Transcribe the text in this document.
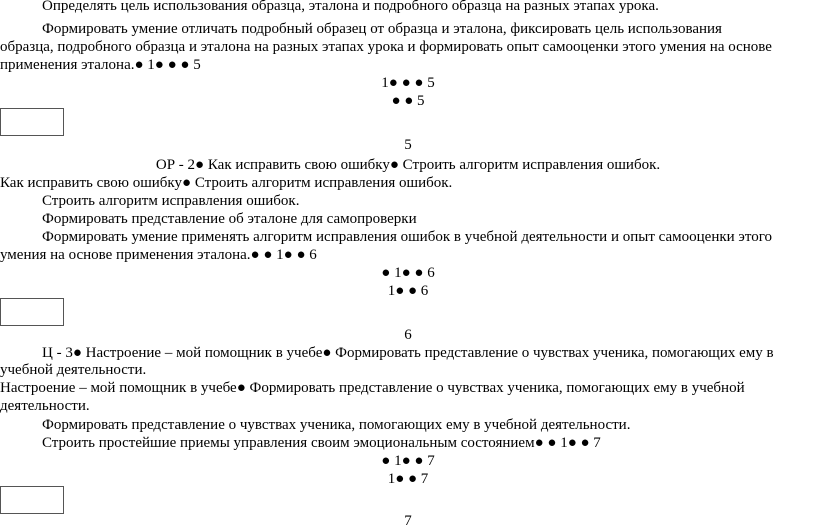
Определять цель использования образца, эталона и подробного образца на разных этапах урока.
Формировать умение отличать подробный образец от образца и эталона, фиксировать цель использования
образца, подробного образца и эталона на разных этапах урока и формировать опыт самооценки этого умения на основе
применения эталона.● 1● ● ● 5
1● ● ● 5
● ● 5
5
ОР - 2● Как исправить свою ошибку● Строить алгоритм исправления ошибок.
Как исправить свою ошибку● Строить алгоритм исправления ошибок.
Строить алгоритм исправления ошибок.
Формировать представление об эталоне для самопроверки
Формировать умение применять алгоритм исправления ошибок в учебной деятельности и опыт самооценки этого
умения на основе применения эталона.● ● 1● ● 6
● 1● ● 6
1● ● 6
6
Ц - 3● Настроение – мой помощник в учебе● Формировать представление о чувствах ученика, помогающих ему в
учебной деятельности.
Настроение – мой помощник в учебе● Формировать представление о чувствах ученика, помогающих ему в учебной
деятельности.
Формировать представление о чувствах ученика, помогающих ему в учебной деятельности.
Строить простейшие приемы управления своим эмоциональным состоянием● ● 1● ● 7
● 1● ● 7
1● ● 7
7
